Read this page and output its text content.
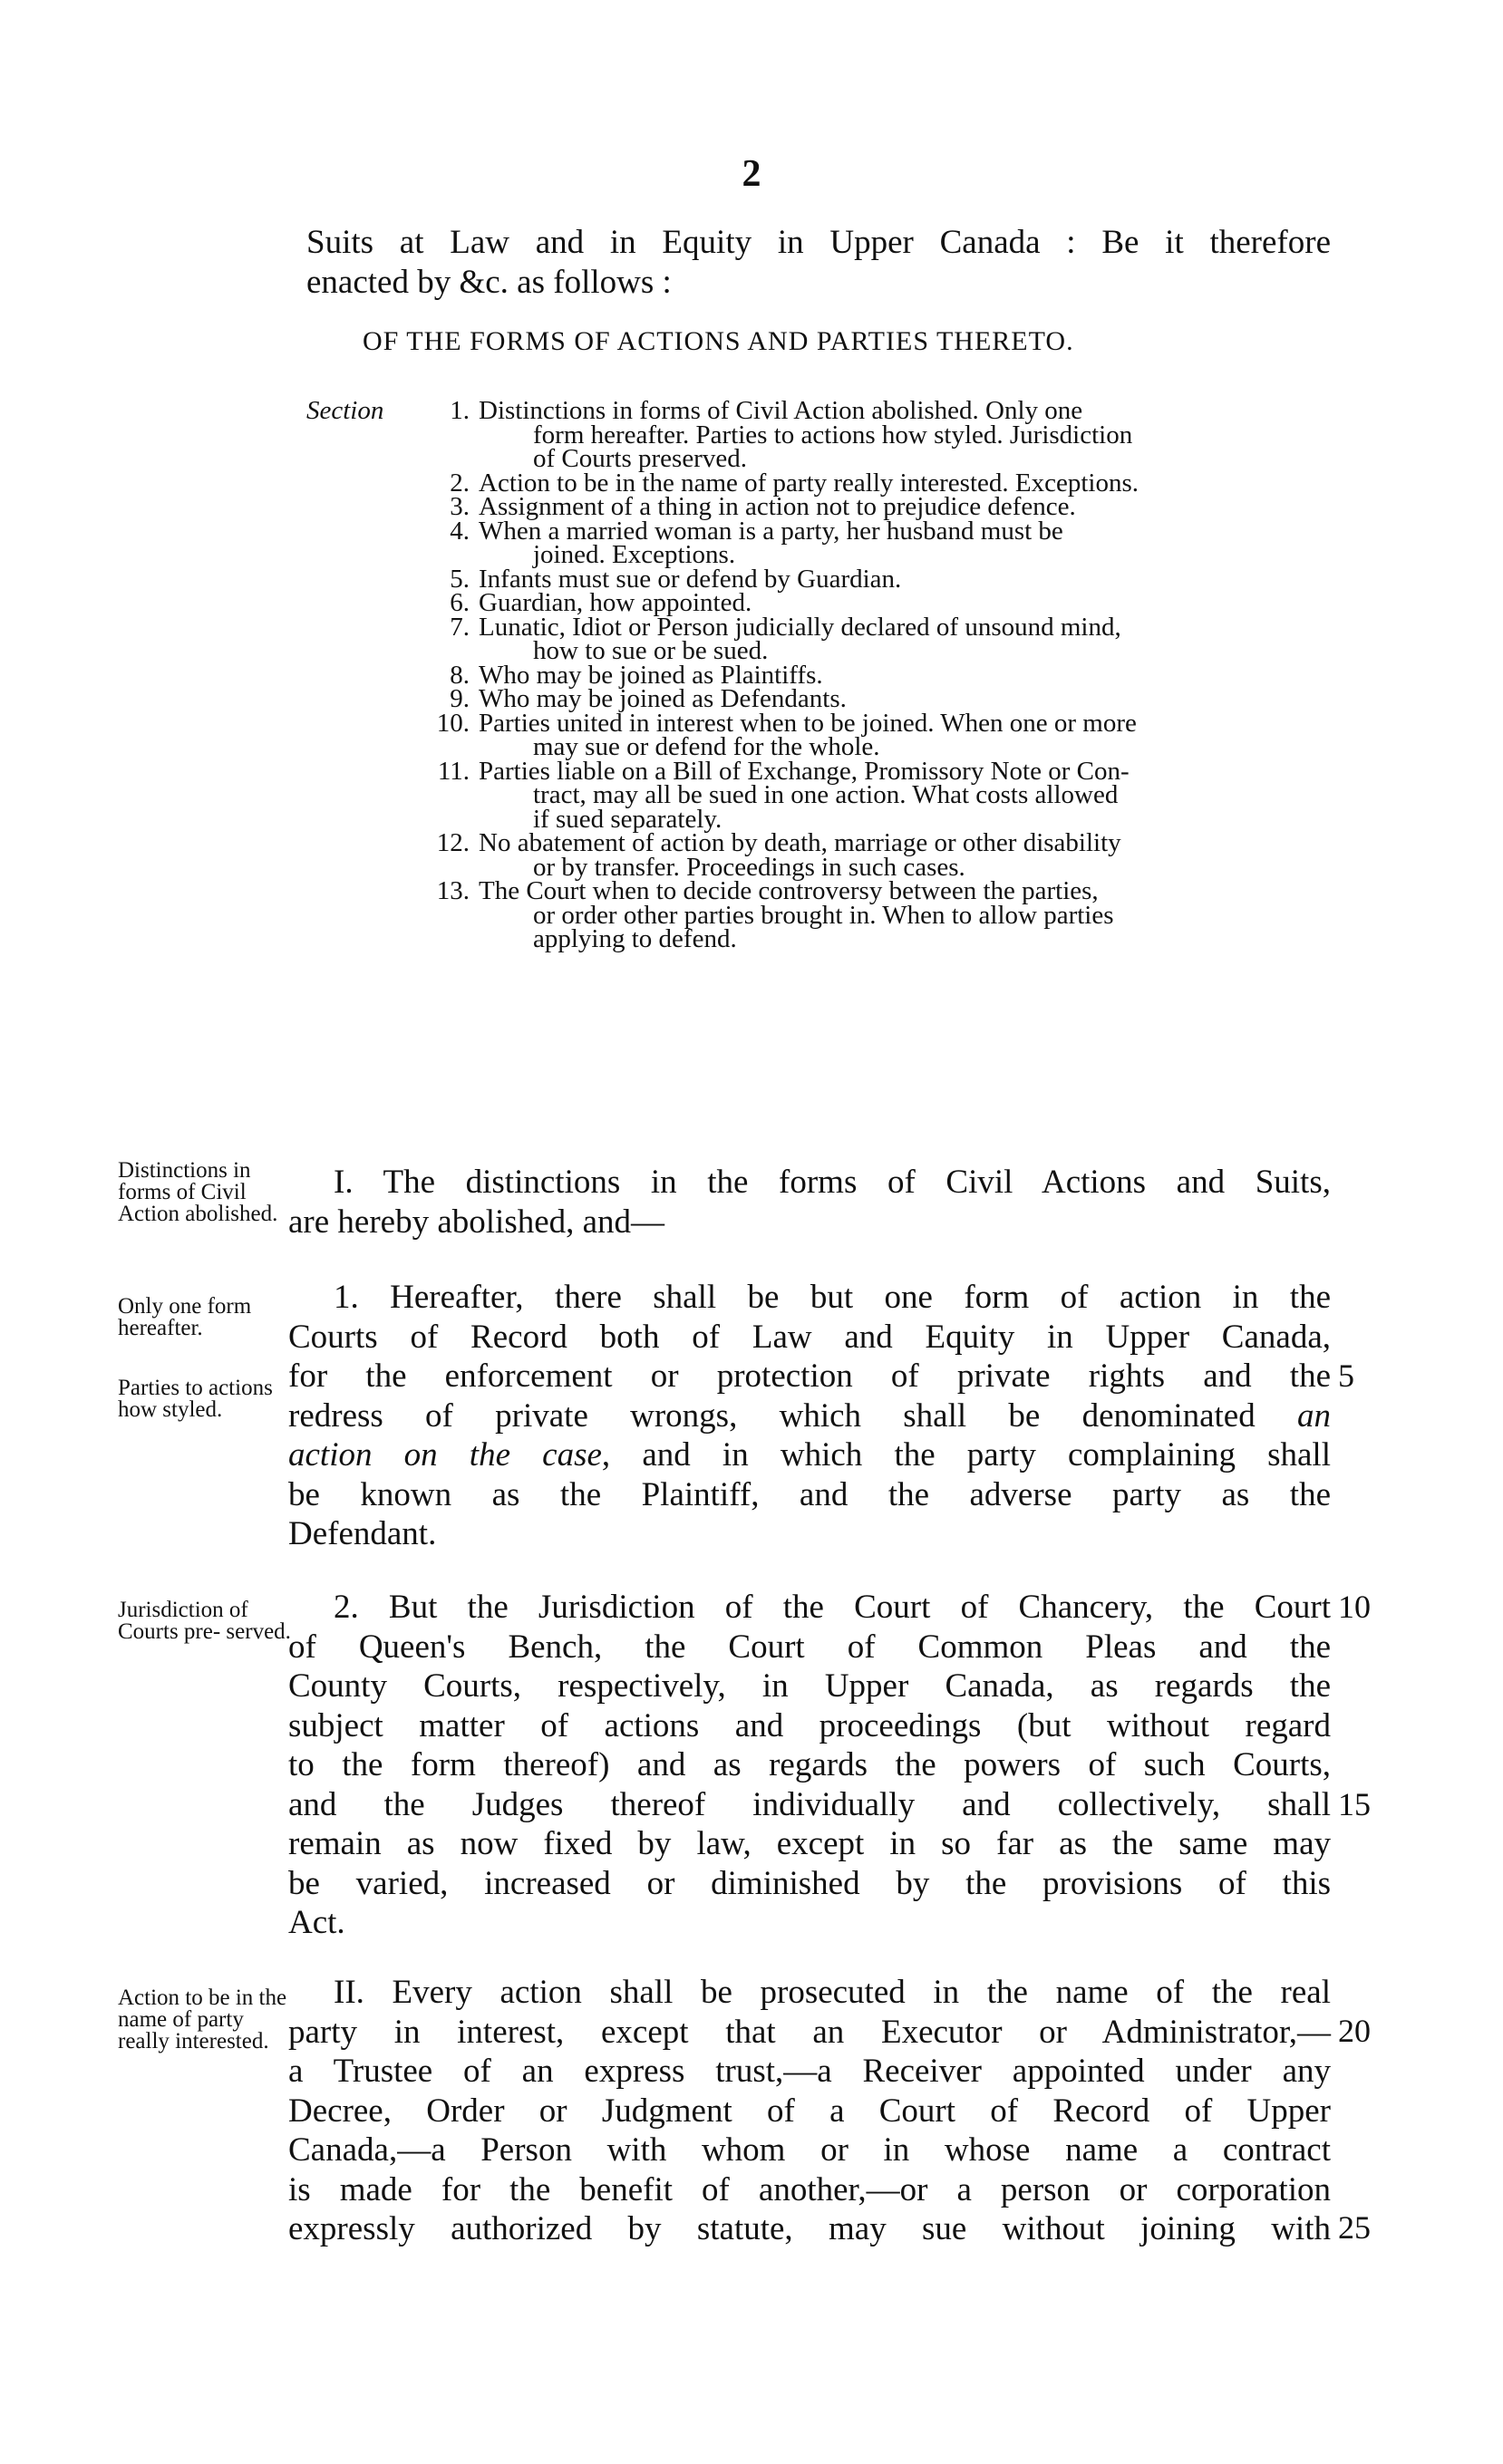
2
Suits at Law and in Equity in Upper Canada : Be it therefore
enacted by &c. as follows :
OF THE FORMS OF ACTIONS AND PARTIES THERETO.
Section	1. Distinctions in forms of Civil Action abolished. Only one
form hereafter. Parties to actions how styled. Jurisdiction
of Courts preserved.
2. Action to be in the name of party really interested. Exceptions.
3. Assignment of a thing in action not to prejudice defence.
4. When a married woman is a party, her husband must be
joined. Exceptions.
5. Infants must sue or defend by Guardian.
6. Guardian, how appointed.
7. Lunatic, Idiot or Person judicially declared of unsound mind,
how to sue or be sued.
8. Who may be joined as Plaintiffs.
9. Who may be joined as Defendants.
10. Parties united in interest when to be joined. When one or more
may sue or defend for the whole.
11. Parties liable on a Bill of Exchange, Promissory Note or Con-
tract, may all be sued in one action. What costs allowed
if sued separately.
12. No abatement of action by death, marriage or other disability
or by transfer. Proceedings in such cases.
13. The Court when to decide controversy between the parties,
or order other parties brought in. When to allow parties
applying to defend.
Distinctions in forms of Civil Action abolished.
Only one form hereafter.
Parties to actions how styled.
Jurisdiction of Courts pre- served.
Action to be in the name of party really interested.
I. The distinctions in the forms of Civil Actions and Suits,
are hereby abolished, and—
1. Hereafter, there shall be but one form of action in the
Courts of Record both of Law and Equity in Upper Canada,
for the enforcement or protection of private rights and the
redress of private wrongs, which shall be denominated an
action on the case, and in which the party complaining shall
be known as the Plaintiff, and the adverse party as the
Defendant.
2. But the Jurisdiction of the Court of Chancery, the Court
of Queen's Bench, the Court of Common Pleas and the
County Courts, respectively, in Upper Canada, as regards the
subject matter of actions and proceedings (but without regard
to the form thereof) and as regards the powers of such Courts,
and the Judges thereof individually and collectively, shall
remain as now fixed by law, except in so far as the same may
be varied, increased or diminished by the provisions of this
Act.
II. Every action shall be prosecuted in the name of the real
party in interest, except that an Executor or Administrator,—
a Trustee of an express trust,—a Receiver appointed under any
Decree, Order or Judgment of a Court of Record of Upper
Canada,—a Person with whom or in whose name a contract
is made for the benefit of another,—or a person or corporation
expressly authorized by statute, may sue without joining with
5
10
15
20
25
